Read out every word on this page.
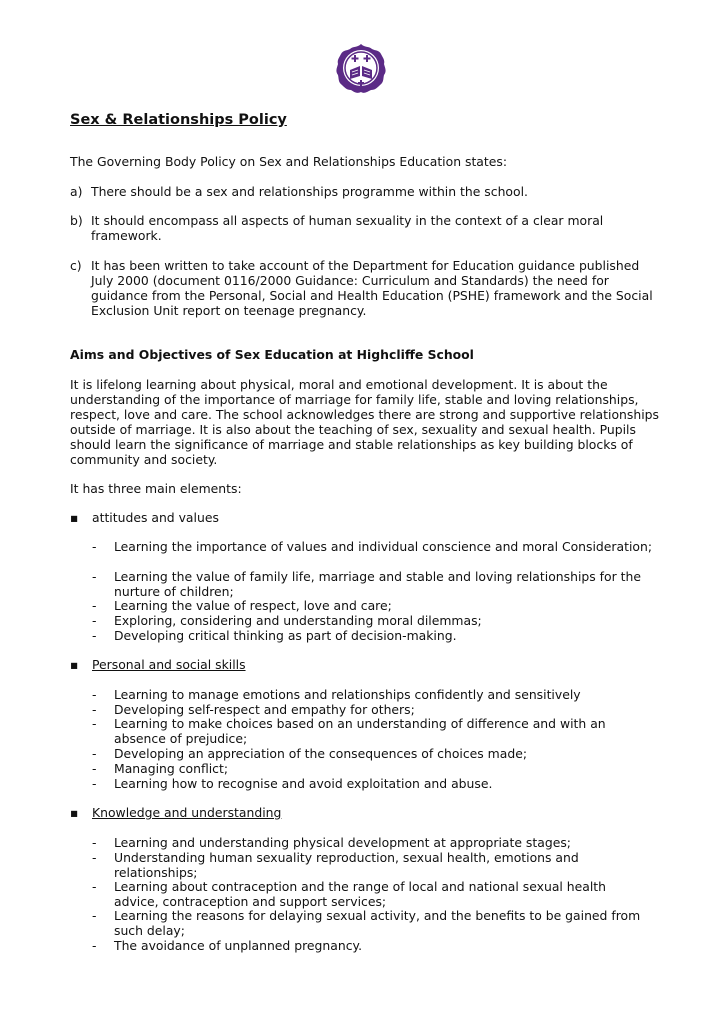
Sex & Relationships Policy

The Governing Body Policy on Sex and Relationships Education states:

a) There should be a sex and relationships programme within the school.
b) It should encompass all aspects of human sexuality in the context of a clear moral framework.
c) It has been written to take account of the Department for Education guidance published July 2000 (document 0116/2000 Guidance: Curriculum and Standards) the need for guidance from the Personal, Social and Health Education (PSHE) framework and the Social Exclusion Unit report on teenage pregnancy.
Aims and Objectives of Sex Education at Highcliffe School

It is lifelong learning about physical, moral and emotional development. It is about the understanding of the importance of marriage for family life, stable and loving relationships, respect, love and care. The school acknowledges there are strong and supportive relationships outside of marriage. It is also about the teaching of sex, sexuality and sexual health. Pupils should learn the significance of marriage and stable relationships as key building blocks of community and society.

It has three main elements:

▪ attitudes and values
- Learning the importance of values and individual conscience and moral Consideration;
- Learning the value of family life, marriage and stable and loving relationships for the nurture of children;
- Learning the value of respect, love and care;
- Exploring, considering and understanding moral dilemmas;
- Developing critical thinking as part of decision-making.
▪ Personal and social skills
- Learning to manage emotions and relationships confidently and sensitively
- Developing self-respect and empathy for others;
- Learning to make choices based on an understanding of difference and with an absence of prejudice;
- Developing an appreciation of the consequences of choices made;
- Managing conflict;
- Learning how to recognise and avoid exploitation and abuse.
▪ Knowledge and understanding
- Learning and understanding physical development at appropriate stages;
- Understanding human sexuality reproduction, sexual health, emotions and relationships;
- Learning about contraception and the range of local and national sexual health advice, contraception and support services;
- Learning the reasons for delaying sexual activity, and the benefits to be gained from such delay;
- The avoidance of unplanned pregnancy.
